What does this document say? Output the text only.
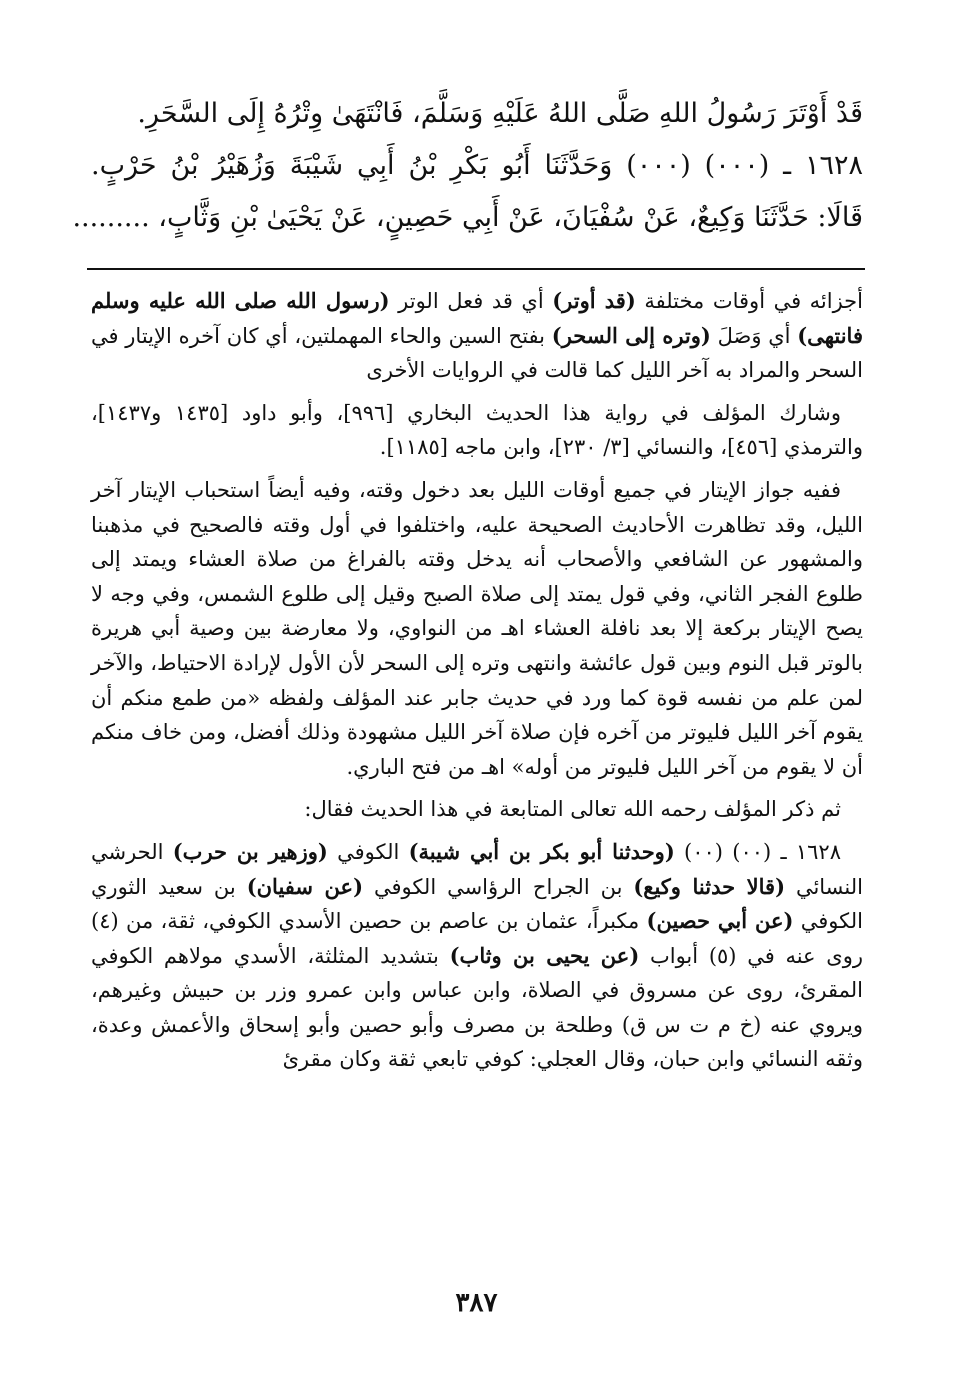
قَدْ أَوْتَرَ رَسُولُ اللهِ صَلَّى اللهُ عَلَيْهِ وَسَلَّمَ، فَانْتَهَىٰ وِتْرُهُ إِلَى السَّحَرِ.
١٦٢٨ ـ (٠٠٠) (٠٠٠) وَحَدَّثَنَا أَبُو بَكْرِ بْنُ أَبِي شَيْبَةَ وَزُهَيْرُ بْنُ حَرْبٍ.
قَالَا: حَدَّثَنَا وَكِيعٌ، عَنْ سُفْيَانَ، عَنْ أَبِي حَصِينٍ، عَنْ يَحْيَىٰ بْنِ وَثَّابٍ، .........

أجزائه في أوقات مختلفة (قد أوتر) أي قد فعل الوتر (رسول الله صلى الله عليه وسلم فانتهى) أي وَصَلَ (وتره إلى السحر) بفتح السين والحاء المهملتين، أي كان آخره الإيتار في السحر والمراد به آخر الليل كما قالت في الروايات الأخرى

وشارك المؤلف في رواية هذا الحديث البخاري [٩٩٦]، وأبو داود [١٤٣٥ و١٤٣٧]، والترمذي [٤٥٦]، والنسائي [٣/ ٢٣٠]، وابن ماجه [١١٨٥].

ففيه جواز الإيتار في جميع أوقات الليل بعد دخول وقته، وفيه أيضاً استحباب الإيتار آخر الليل، وقد تظاهرت الأحاديث الصحيحة عليه، واختلفوا في أول وقته فالصحيح في مذهبنا والمشهور عن الشافعي والأصحاب أنه يدخل وقته بالفراغ من صلاة العشاء ويمتد إلى طلوع الفجر الثاني، وفي قول يمتد إلى صلاة الصبح وقيل إلى طلوع الشمس، وفي وجه لا يصح الإيتار بركعة إلا بعد نافلة العشاء اهـ من النواوي، ولا معارضة بين وصية أبي هريرة بالوتر قبل النوم وبين قول عائشة وانتهى وتره إلى السحر لأن الأول لإرادة الاحتياط، والآخر لمن علم من نفسه قوة كما ورد في حديث جابر عند المؤلف ولفظه «من طمع منكم أن يقوم آخر الليل فليوتر من آخره فإن صلاة آخر الليل مشهودة وذلك أفضل، ومن خاف منكم أن لا يقوم من آخر الليل فليوتر من أوله» اهـ من فتح الباري.

ثم ذكر المؤلف رحمه الله تعالى المتابعة في هذا الحديث فقال:

١٦٢٨ ـ (٠٠) (٠٠) (وحدثنا أبو بكر بن أبي شيبة) الكوفي (وزهير بن حرب) الحرشي النسائي (قالا حدثنا وكيع) بن الجراح الرؤاسي الكوفي (عن سفيان) بن سعيد الثوري الكوفي (عن أبي حصين) مكبراً، عثمان بن عاصم بن حصين الأسدي الكوفي، ثقة، من (٤) روى عنه في (٥) أبواب (عن يحيى بن وثاب) بتشديد المثلثة، الأسدي مولاهم الكوفي المقرئ، روى عن مسروق في الصلاة، وابن عباس وابن عمرو وزر بن حبيش وغيرهم، ويروي عنه (خ م ت س ق) وطلحة بن مصرف وأبو حصين وأبو إسحاق والأعمش وعدة، وثقه النسائي وابن حبان، وقال العجلي: كوفي تابعي ثقة وكان مقرئ

٣٨٧
